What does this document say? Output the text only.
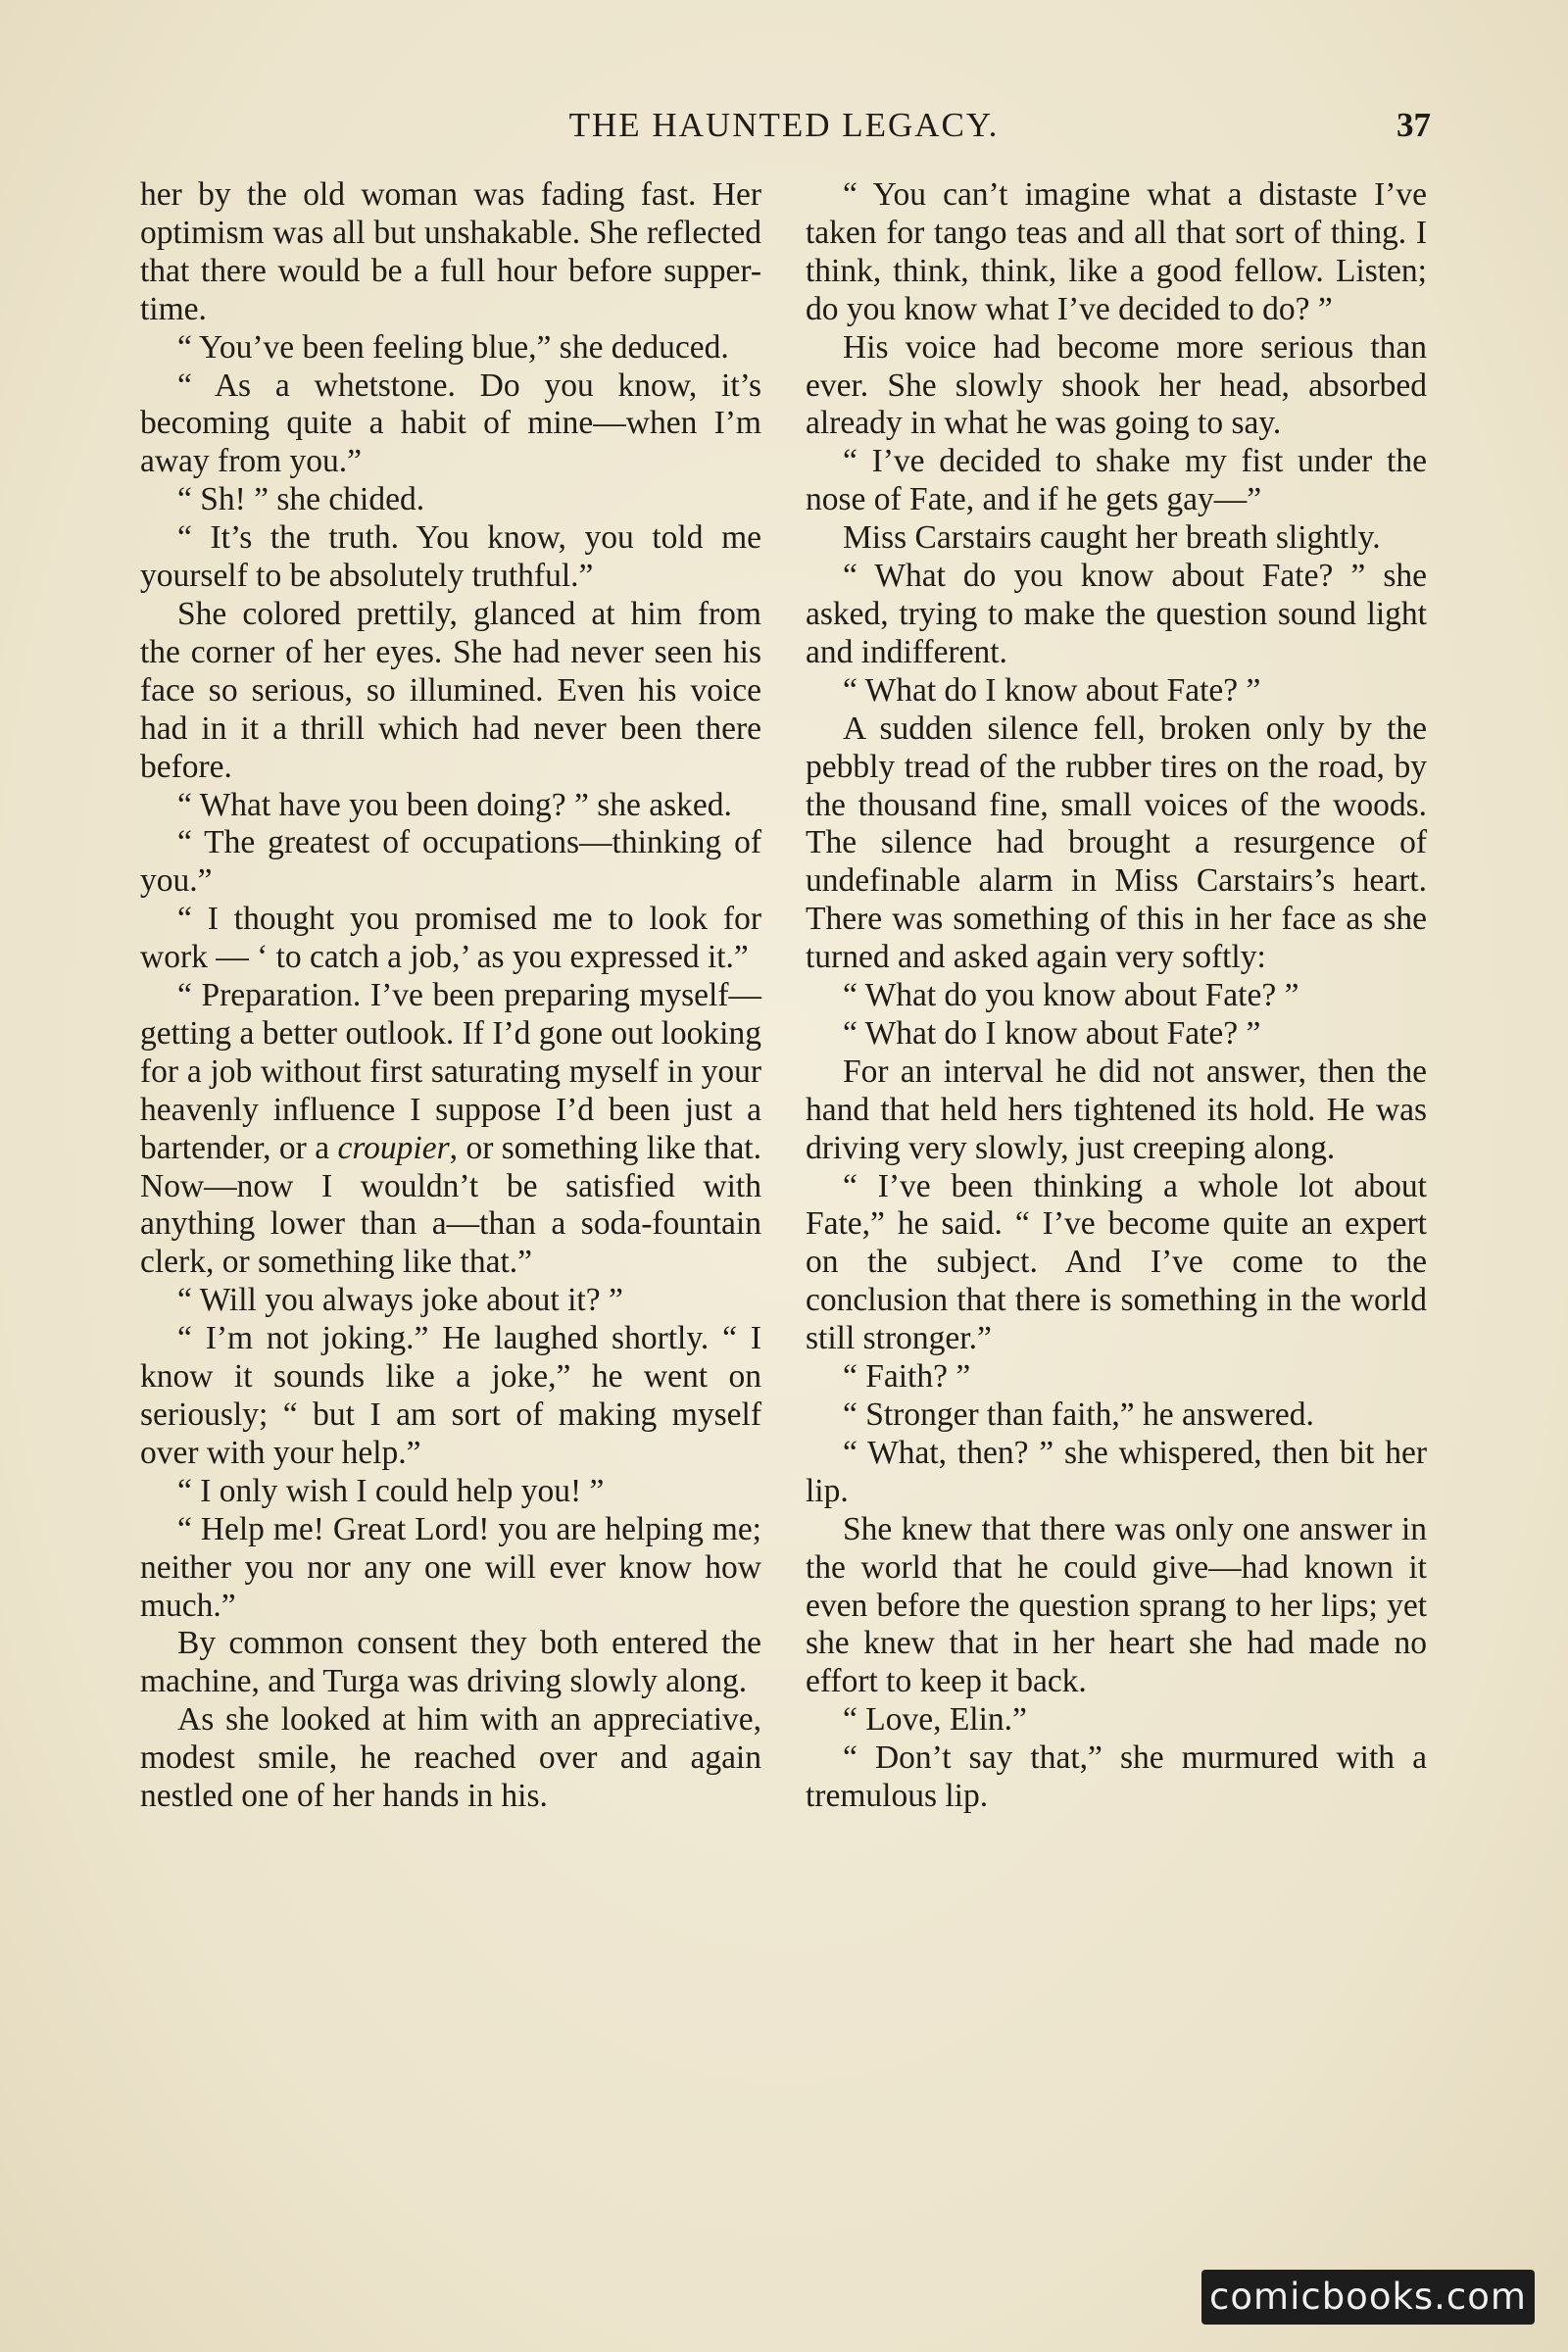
THE HAUNTED LEGACY.	37

her by the old woman was fading fast. Her optimism was all but unshakable. She reflected that there would be a full hour before supper-time.

“ You’ve been feeling blue,” she deduced.

“ As a whetstone. Do you know, it’s becoming quite a habit of mine—when I’m away from you.”

“ Sh! ” she chided.

“ It’s the truth. You know, you told me yourself to be absolutely truthful.”

She colored prettily, glanced at him from the corner of her eyes. She had never seen his face so serious, so illumined. Even his voice had in it a thrill which had never been there before.

“ What have you been doing? ” she asked.

“ The greatest of occupations—thinking of you.”

“ I thought you promised me to look for work — ‘ to catch a job,’ as you expressed it.”

“ Preparation. I’ve been preparing myself—getting a better outlook. If I’d gone out looking for a job without first saturating myself in your heavenly influence I suppose I’d been just a bartender, or a croupier, or something like that. Now—now I wouldn’t be satisfied with anything lower than a—than a soda-fountain clerk, or something like that.”

“ Will you always joke about it? ”

“ I’m not joking.” He laughed shortly. “ I know it sounds like a joke,” he went on seriously; “ but I am sort of making myself over with your help.”

“ I only wish I could help you! ”

“ Help me! Great Lord! you are helping me; neither you nor any one will ever know how much.”

By common consent they both entered the machine, and Turga was driving slowly along.

As she looked at him with an appreciative, modest smile, he reached over and again nestled one of her hands in his.

“ You can’t imagine what a distaste I’ve taken for tango teas and all that sort of thing. I think, think, think, like a good fellow. Listen; do you know what I’ve decided to do? ”

His voice had become more serious than ever. She slowly shook her head, absorbed already in what he was going to say.

“ I’ve decided to shake my fist under the nose of Fate, and if he gets gay—”

Miss Carstairs caught her breath slightly.

“ What do you know about Fate? ” she asked, trying to make the question sound light and indifferent.

“ What do I know about Fate? ”

A sudden silence fell, broken only by the pebbly tread of the rubber tires on the road, by the thousand fine, small voices of the woods. The silence had brought a resurgence of undefinable alarm in Miss Carstairs’s heart. There was something of this in her face as she turned and asked again very softly:

“ What do you know about Fate? ”

“ What do I know about Fate? ”

For an interval he did not answer, then the hand that held hers tightened its hold. He was driving very slowly, just creeping along.

“ I’ve been thinking a whole lot about Fate,” he said. “ I’ve become quite an expert on the subject. And I’ve come to the conclusion that there is something in the world still stronger.”

“ Faith? ”

“ Stronger than faith,” he answered.

“ What, then? ” she whispered, then bit her lip.

She knew that there was only one answer in the world that he could give—had known it even before the question sprang to her lips; yet she knew that in her heart she had made no effort to keep it back.

“ Love, Elin.”

“ Don’t say that,” she murmured with a tremulous lip.

comicbooks.com
